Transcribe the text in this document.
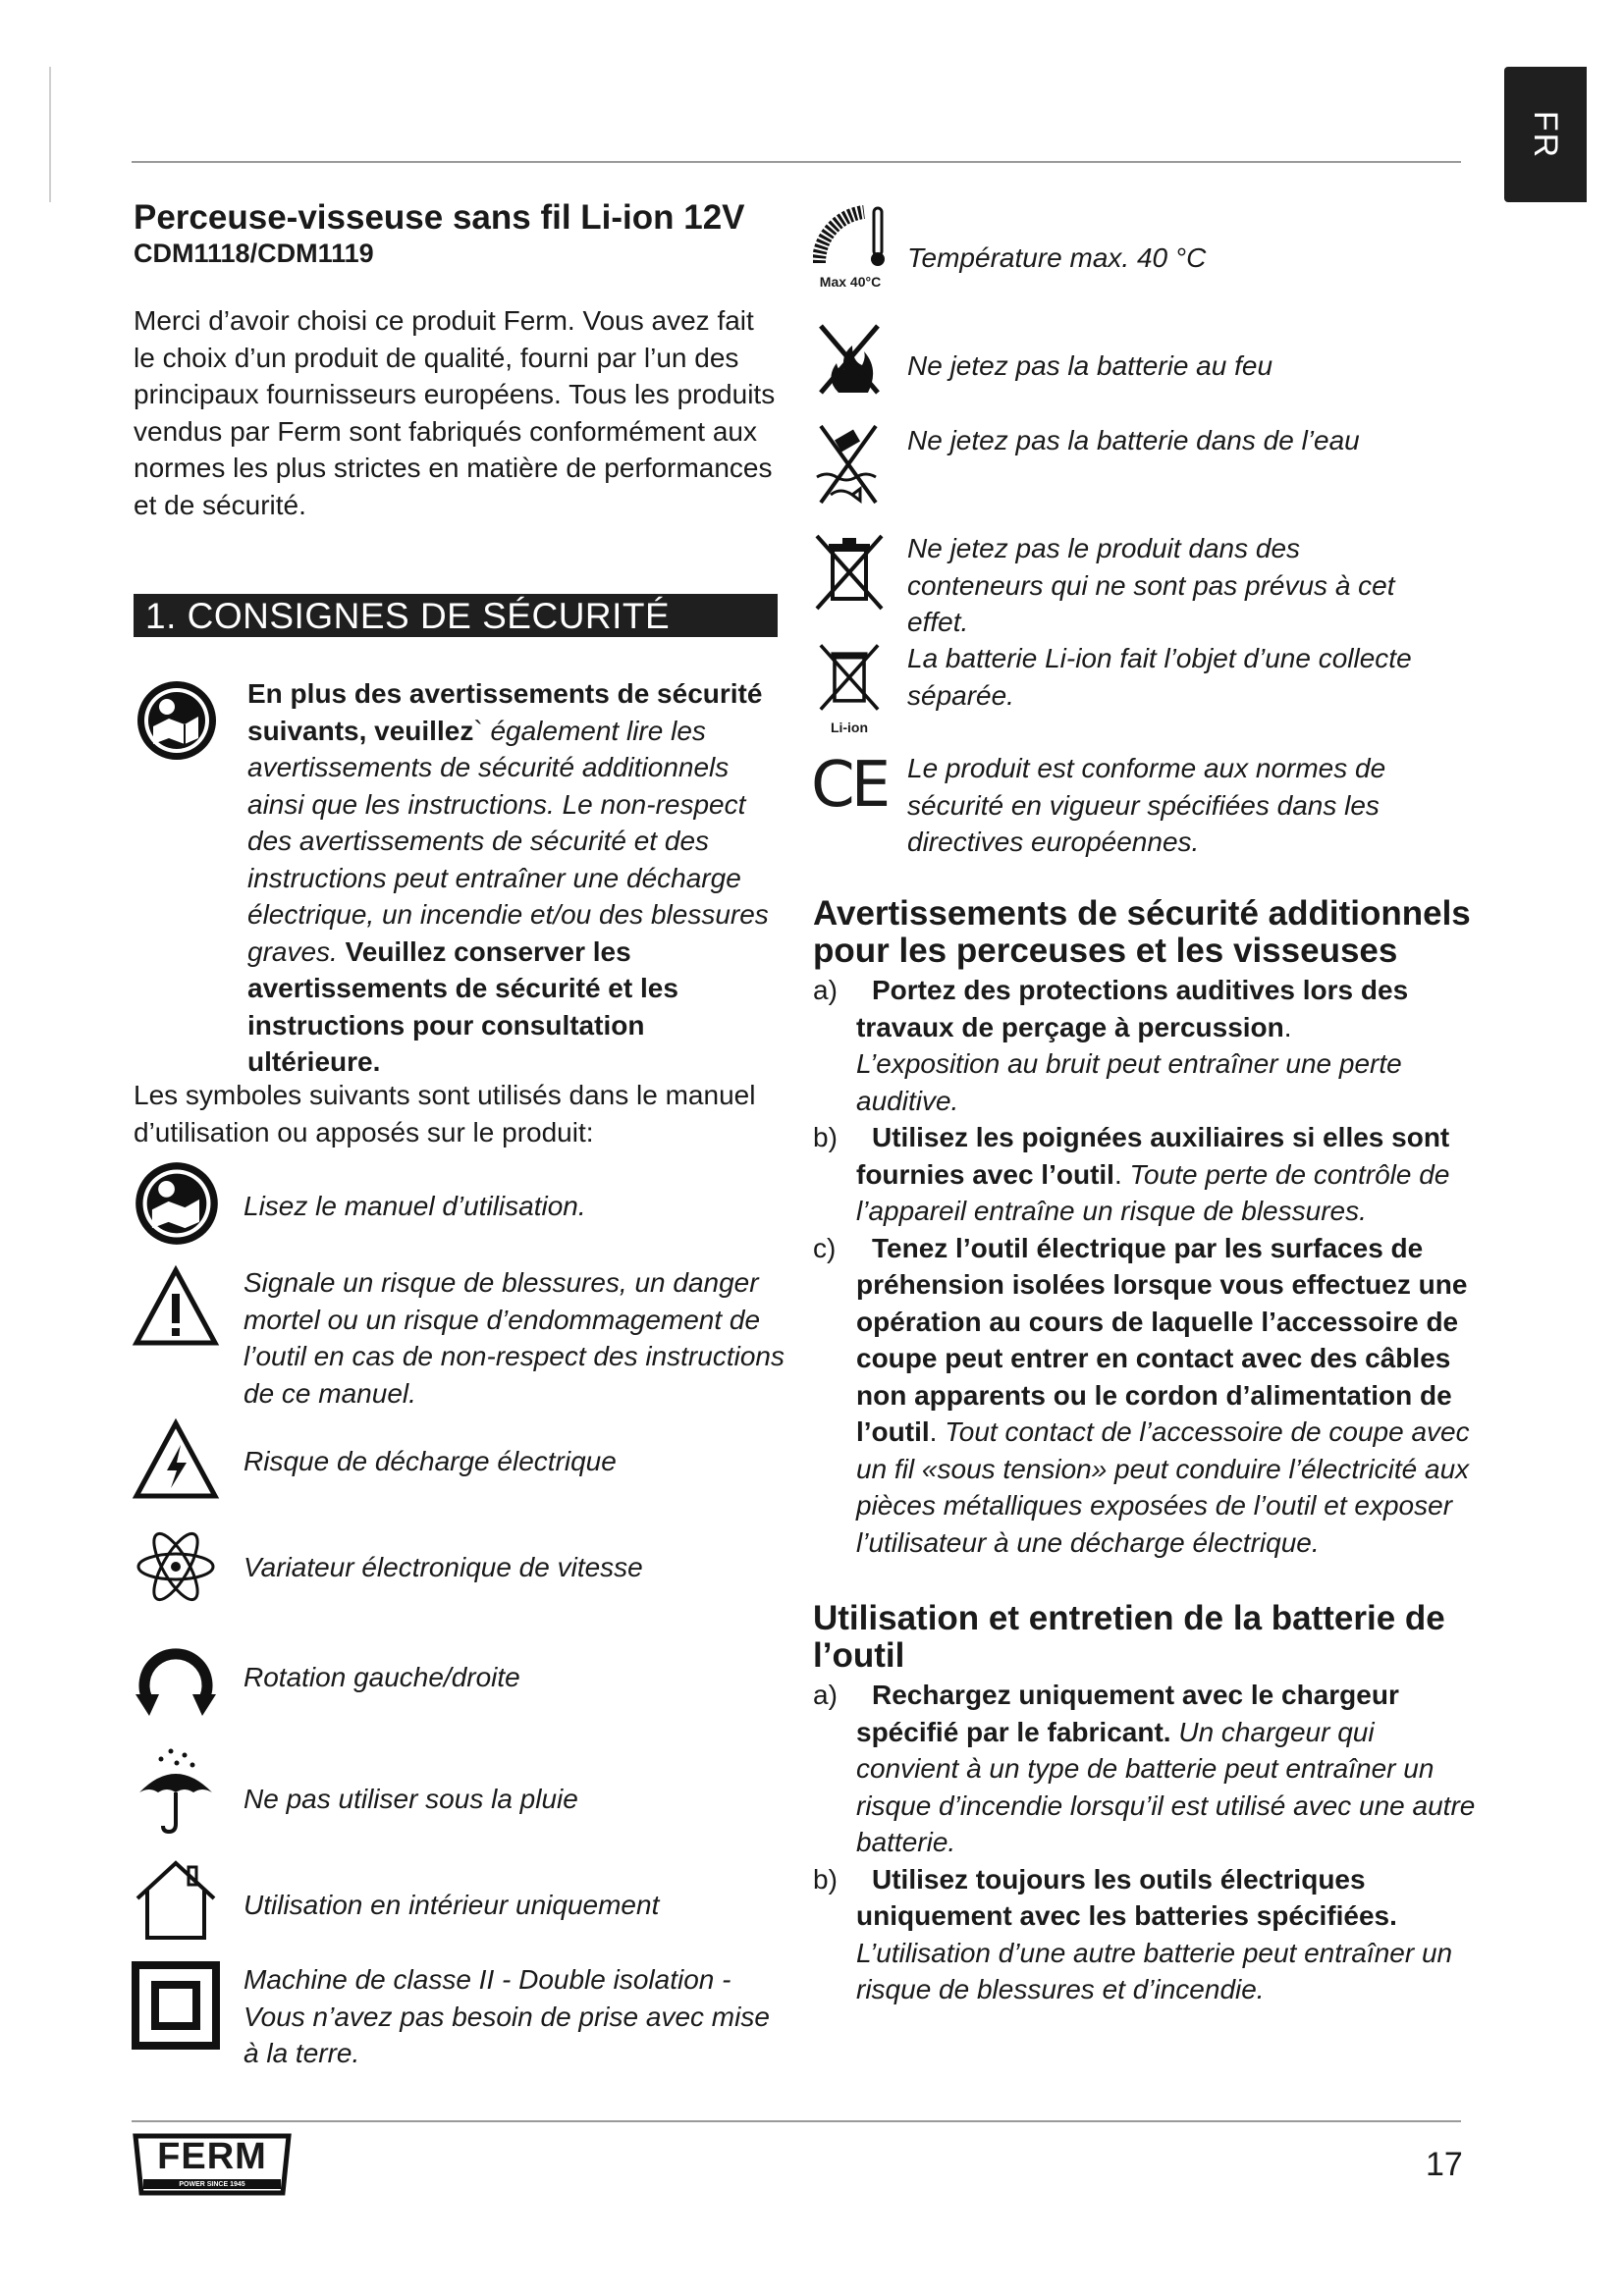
FR
Perceuse-visseuse sans fil Li-ion 12V
CDM1118/CDM1119
Merci d’avoir choisi ce produit Ferm. Vous avez fait le choix d’un produit de qualité, fourni par l’un des principaux fournisseurs européens. Tous les produits vendus par Ferm sont fabriqués conformément aux normes les plus strictes en matière de performances et de sécurité.
1. CONSIGNES DE SÉCURITÉ
En plus des avertissements de sécurité suivants, veuillez` également lire les avertissements de sécurité additionnels ainsi que les instructions. Le non-respect des avertissements de sécurité et des instructions peut entraîner une décharge électrique, un incendie et/ou des blessures graves. Veuillez conserver les avertissements de sécurité et les instructions pour consultation ultérieure.
Les symboles suivants sont utilisés dans le manuel d’utilisation ou apposés sur le produit:
Lisez le manuel d’utilisation.
Signale un risque de blessures, un danger mortel ou un risque d’endommagement de l’outil en cas de non-respect des instructions de ce manuel.
Risque de décharge électrique
Variateur électronique de vitesse
Rotation gauche/droite
Ne pas utiliser sous la pluie
Utilisation en intérieur uniquement
Machine de classe II - Double isolation - Vous n’avez pas besoin de prise avec mise à la terre.
Max 40°C
Température max. 40 °C
Ne jetez pas la batterie au feu
Ne jetez pas la batterie dans de l’eau
Ne jetez pas le produit dans des conteneurs qui ne sont pas prévus à cet effet.
Li-ion
La batterie Li-ion fait l’objet d’une collecte séparée.
CE Le produit est conforme aux normes de sécurité en vigueur spécifiées dans les directives européennes.
Avertissements de sécurité additionnels pour les perceuses et les visseuses
a)	Portez des protections auditives lors des travaux de perçage à percussion.
L’exposition au bruit peut entraîner une perte auditive.
b)	Utilisez les poignées auxiliaires si elles sont fournies avec l’outil. Toute perte de contrôle de l’appareil entraîne un risque de blessures.
c)	Tenez l’outil électrique par les surfaces de préhension isolées lorsque vous effectuez une opération au cours de laquelle l’accessoire de coupe peut entrer en contact avec des câbles non apparents ou le cordon d’alimentation de l’outil. Tout contact de l’accessoire de coupe avec un fil «sous tension» peut conduire l’électricité aux pièces métalliques exposées de l’outil et exposer l’utilisateur à une décharge électrique.
Utilisation et entretien de la batterie de l’outil
a)	Rechargez uniquement avec le chargeur spécifié par le fabricant. Un chargeur qui convient à un type de batterie peut entraîner un risque d’incendie lorsqu’il est utilisé avec une autre batterie.
b)	Utilisez toujours les outils électriques uniquement avec les batteries spécifiées. L’utilisation d’une autre batterie peut entraîner un risque de blessures et d’incendie.
FERM
POWER SINCE 1945
17
